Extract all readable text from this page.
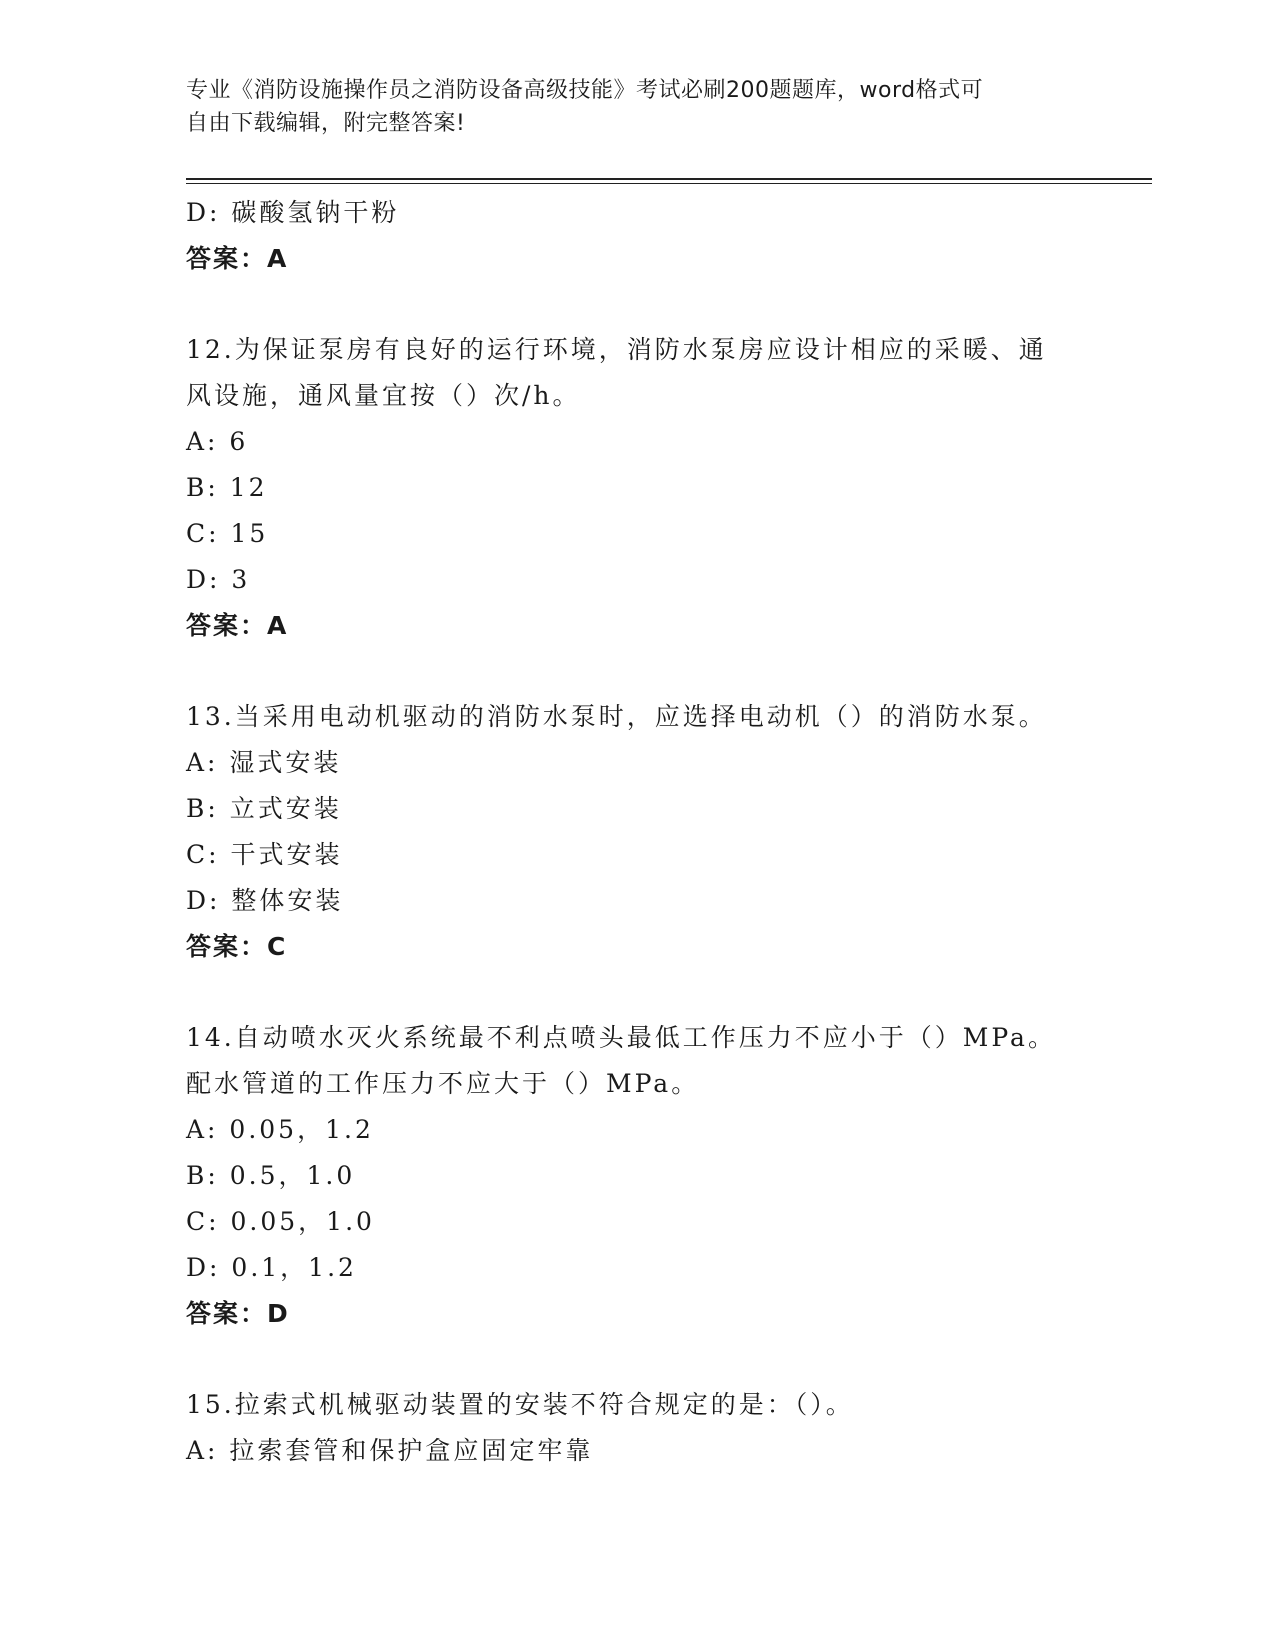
专业《消防设施操作员之消防设备高级技能》考试必刷200题题库，word格式可
自由下载编辑，附完整答案!
D: 碳酸氢钠干粉
答案：A
12.为保证泵房有良好的运行环境，消防水泵房应设计相应的采暖、通
风设施，通风量宜按（）次/h。
A: 6
B: 12
C: 15
D: 3
答案：A
13.当采用电动机驱动的消防水泵时，应选择电动机（）的消防水泵。
A: 湿式安装
B: 立式安装
C: 干式安装
D: 整体安装
答案：C
14.自动喷水灭火系统最不利点喷头最低工作压力不应小于（）MPa。
配水管道的工作压力不应大于（）MPa。
A: 0.05，1.2
B: 0.5，1.0
C: 0.05，1.0
D: 0.1，1.2
答案：D
15.拉索式机械驱动装置的安装不符合规定的是：（）。
A: 拉索套管和保护盒应固定牢靠
